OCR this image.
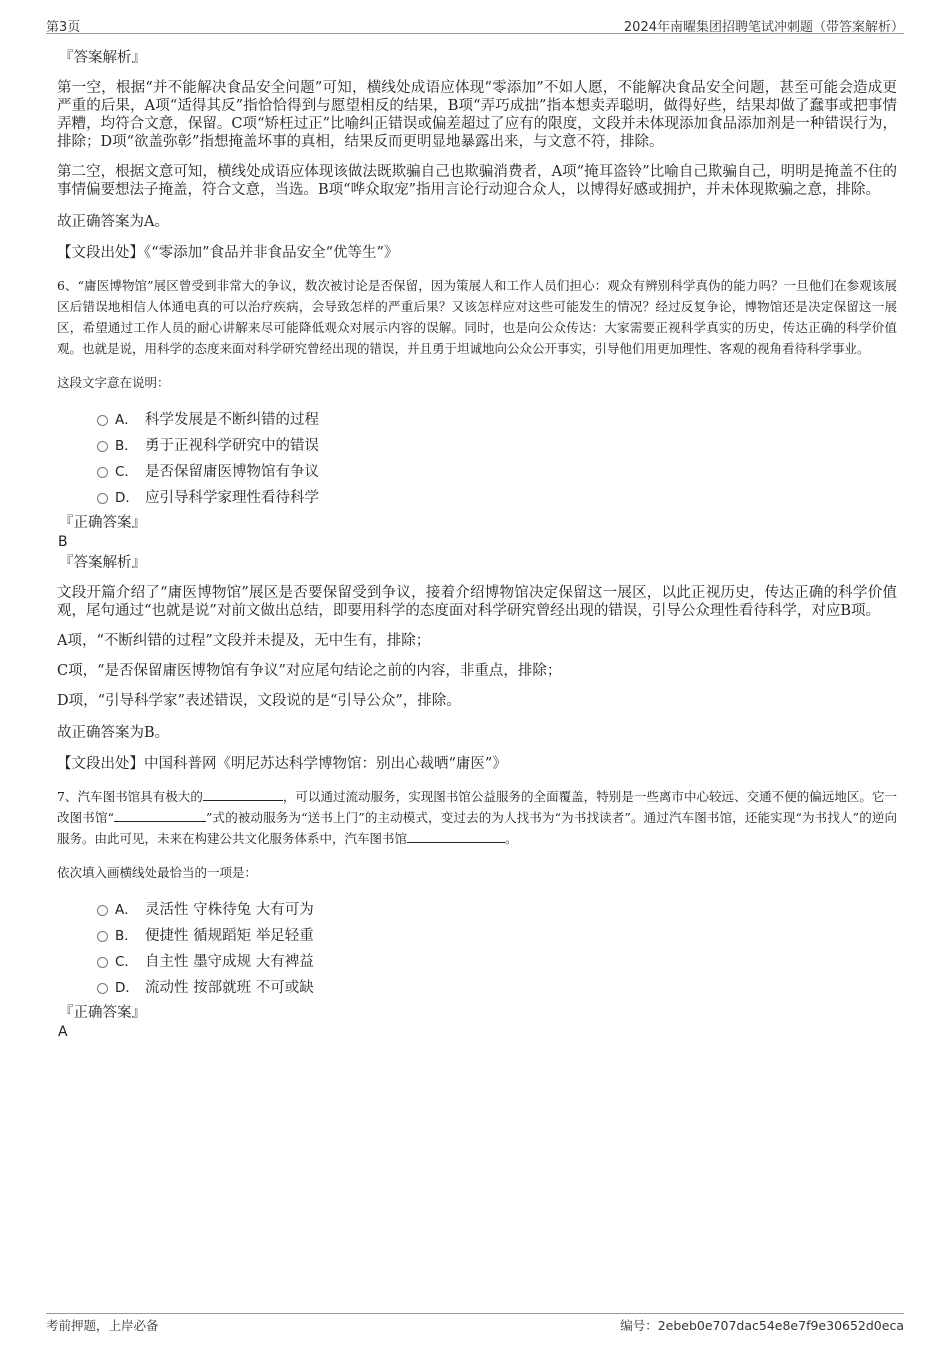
第3页	2024年南曜集团招聘笔试冲刺题（带答案解析）
『答案解析』
第一空，根据“并不能解决食品安全问题”可知，横线处成语应体现“零添加”不如人愿，不能解决食品安全问题，甚至可能会造成更严重的后果，A项“适得其反”指恰恰得到与愿望相反的结果，B项“弄巧成拙”指本想卖弄聪明，做得好些，结果却做了蠢事或把事情弄糟，均符合文意，保留。C项“矫枉过正”比喻纠正错误或偏差超过了应有的限度，文段并未体现添加食品添加剂是一种错误行为，排除；D项“欲盖弥彰”指想掩盖坏事的真相，结果反而更明显地暴露出来，与文意不符，排除。
第二空，根据文意可知，横线处成语应体现该做法既欺骗自己也欺骗消费者，A项“掩耳盗铃”比喻自己欺骗自己，明明是掩盖不住的事情偏要想法子掩盖，符合文意，当选。B项“哗众取宠”指用言论行动迎合众人，以博得好感或拥护，并未体现欺骗之意，排除。
故正确答案为A。
【文段出处】《“零添加”食品并非食品安全“优等生”》
6、“庸医博物馆”展区曾受到非常大的争议，数次被讨论是否保留，因为策展人和工作人员们担心：观众有辨别科学真伪的能力吗？一旦他们在参观该展区后错误地相信人体通电真的可以治疗疾病，会导致怎样的严重后果？又该怎样应对这些可能发生的情况？经过反复争论，博物馆还是决定保留这一展区，希望通过工作人员的耐心讲解来尽可能降低观众对展示内容的误解。同时，也是向公众传达：大家需要正视科学真实的历史，传达正确的科学价值观。也就是说，用科学的态度来面对科学研究曾经出现的错误，并且勇于坦诚地向公众公开事实，引导他们用更加理性、客观的视角看待科学事业。
这段文字意在说明：
A． 科学发展是不断纠错的过程
B． 勇于正视科学研究中的错误
C． 是否保留庸医博物馆有争议
D． 应引导科学家理性看待科学
『正确答案』
B
『答案解析』
文段开篇介绍了“庸医博物馆”展区是否要保留受到争议，接着介绍博物馆决定保留这一展区，以此正视历史，传达正确的科学价值观，尾句通过“也就是说”对前文做出总结，即要用科学的态度面对科学研究曾经出现的错误，引导公众理性看待科学，对应B项。
A项，“不断纠错的过程”文段并未提及，无中生有，排除；
C项，“是否保留庸医博物馆有争议”对应尾句结论之前的内容，非重点，排除；
D项，“引导科学家”表述错误，文段说的是“引导公众”，排除。
故正确答案为B。
【文段出处】中国科普网《明尼苏达科学博物馆：别出心裁晒“庸医”》
7、汽车图书馆具有极大的	，可以通过流动服务，实现图书馆公益服务的全面覆盖，特别是一些离市中心较远、交通不便的偏远地区。它一改图书馆“	”式的被动服务为“送书上门”的主动模式，变过去的为人找书为“为书找读者”。通过汽车图书馆，还能实现“为书找人”的逆向服务。由此可见，未来在构建公共文化服务体系中，汽车图书馆	。
依次填入画横线处最恰当的一项是：
A． 灵活性 守株待兔 大有可为
B． 便捷性 循规蹈矩 举足轻重
C． 自主性 墨守成规 大有裨益
D． 流动性 按部就班 不可或缺
『正确答案』
A
考前押题，上岸必备	编号：2ebeb0e707dac54e8e7f9e30652d0eca
